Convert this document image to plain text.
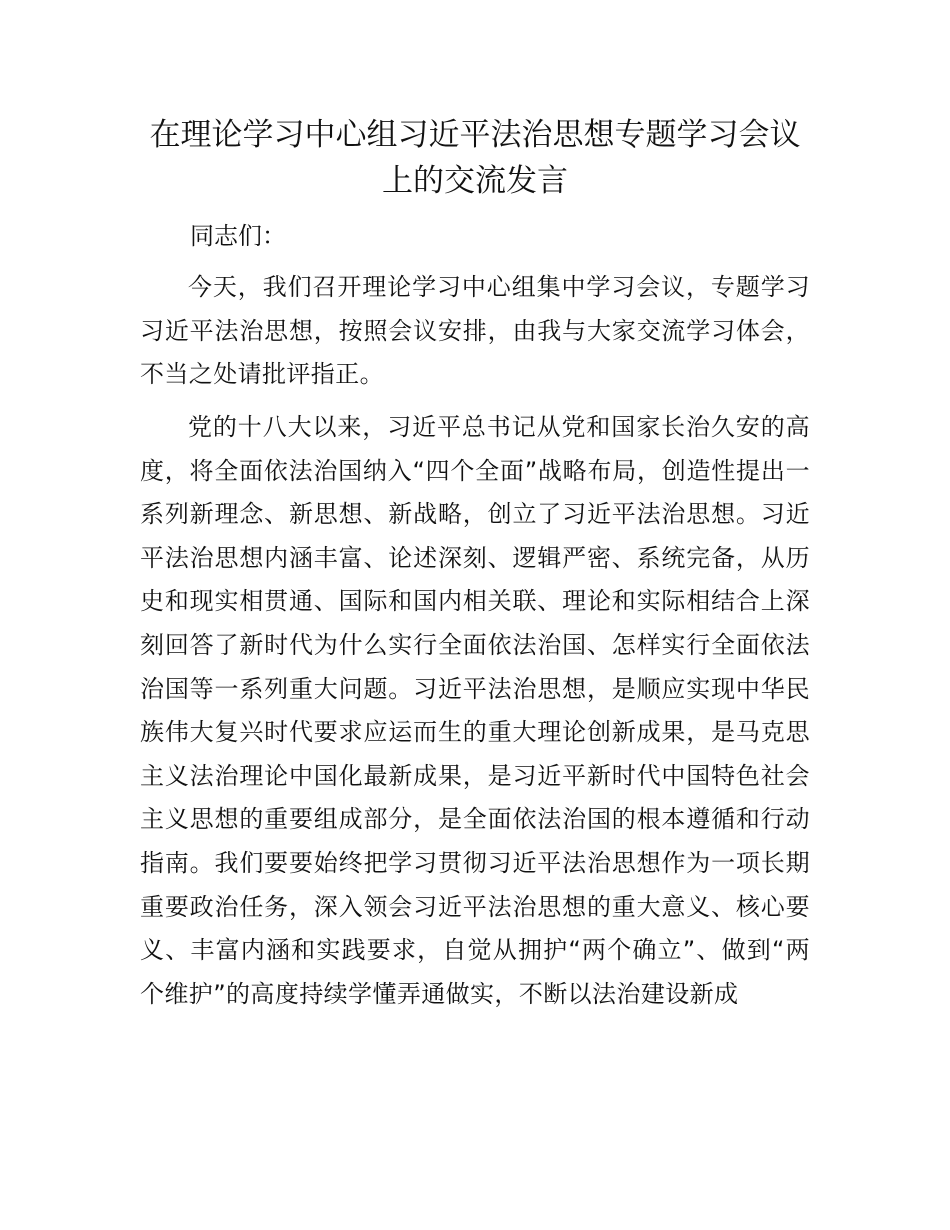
在理论学习中心组习近平法治思想专题学习会议上的交流发言

同志们：

今天，我们召开理论学习中心组集中学习会议，专题学习习近平法治思想，按照会议安排，由我与大家交流学习体会，不当之处请批评指正。

党的十八大以来，习近平总书记从党和国家长治久安的高度，将全面依法治国纳入“四个全面”战略布局，创造性提出一系列新理念、新思想、新战略，创立了习近平法治思想。习近平法治思想内涵丰富、论述深刻、逻辑严密、系统完备，从历史和现实相贯通、国际和国内相关联、理论和实际相结合上深刻回答了新时代为什么实行全面依法治国、怎样实行全面依法治国等一系列重大问题。习近平法治思想，是顺应实现中华民族伟大复兴时代要求应运而生的重大理论创新成果，是马克思主义法治理论中国化最新成果，是习近平新时代中国特色社会主义思想的重要组成部分，是全面依法治国的根本遵循和行动指南。我们要要始终把学习贯彻习近平法治思想作为一项长期重要政治任务，深入领会习近平法治思想的重大意义、核心要义、丰富内涵和实践要求，自觉从拥护“两个确立”、做到“两个维护”的高度持续学懂弄通做实，不断以法治建设新成
